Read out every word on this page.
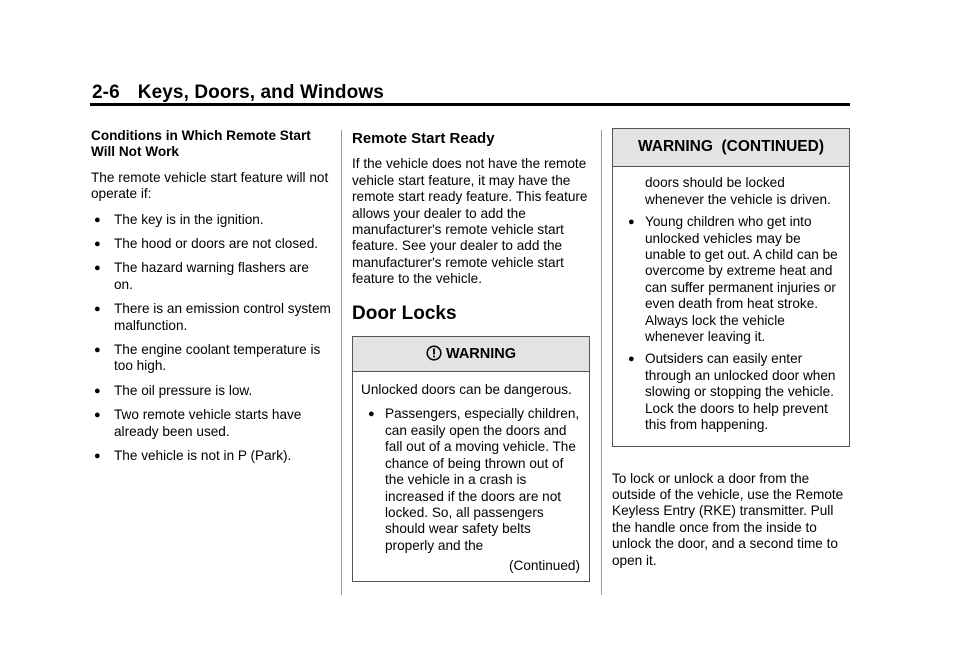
2-6 Keys, Doors, and Windows
Conditions in Which Remote Start Will Not Work

The remote vehicle start feature will not operate if:

● The key is in the ignition.
● The hood or doors are not closed.
● The hazard warning flashers are on.
● There is an emission control system malfunction.
● The engine coolant temperature is too high.
● The oil pressure is low.
● Two remote vehicle starts have already been used.
● The vehicle is not in P (Park).
Remote Start Ready

If the vehicle does not have the remote vehicle start feature, it may have the remote start ready feature. This feature allows your dealer to add the manufacturer's remote vehicle start feature. See your dealer to add the manufacturer's remote vehicle start feature to the vehicle.

Door Locks
WARNING

Unlocked doors can be dangerous.

● Passengers, especially children, can easily open the doors and fall out of a moving vehicle. The chance of being thrown out of the vehicle in a crash is increased if the doors are not locked. So, all passengers should wear safety belts properly and the
(Continued)
WARNING  (CONTINUED)
doors should be locked whenever the vehicle is driven.
● Young children who get into unlocked vehicles may be unable to get out. A child can be overcome by extreme heat and can suffer permanent injuries or even death from heat stroke. Always lock the vehicle whenever leaving it.
● Outsiders can easily enter through an unlocked door when slowing or stopping the vehicle. Lock the doors to help prevent this from happening.

To lock or unlock a door from the outside of the vehicle, use the Remote Keyless Entry (RKE) transmitter. Pull the handle once from the inside to unlock the door, and a second time to open it.
